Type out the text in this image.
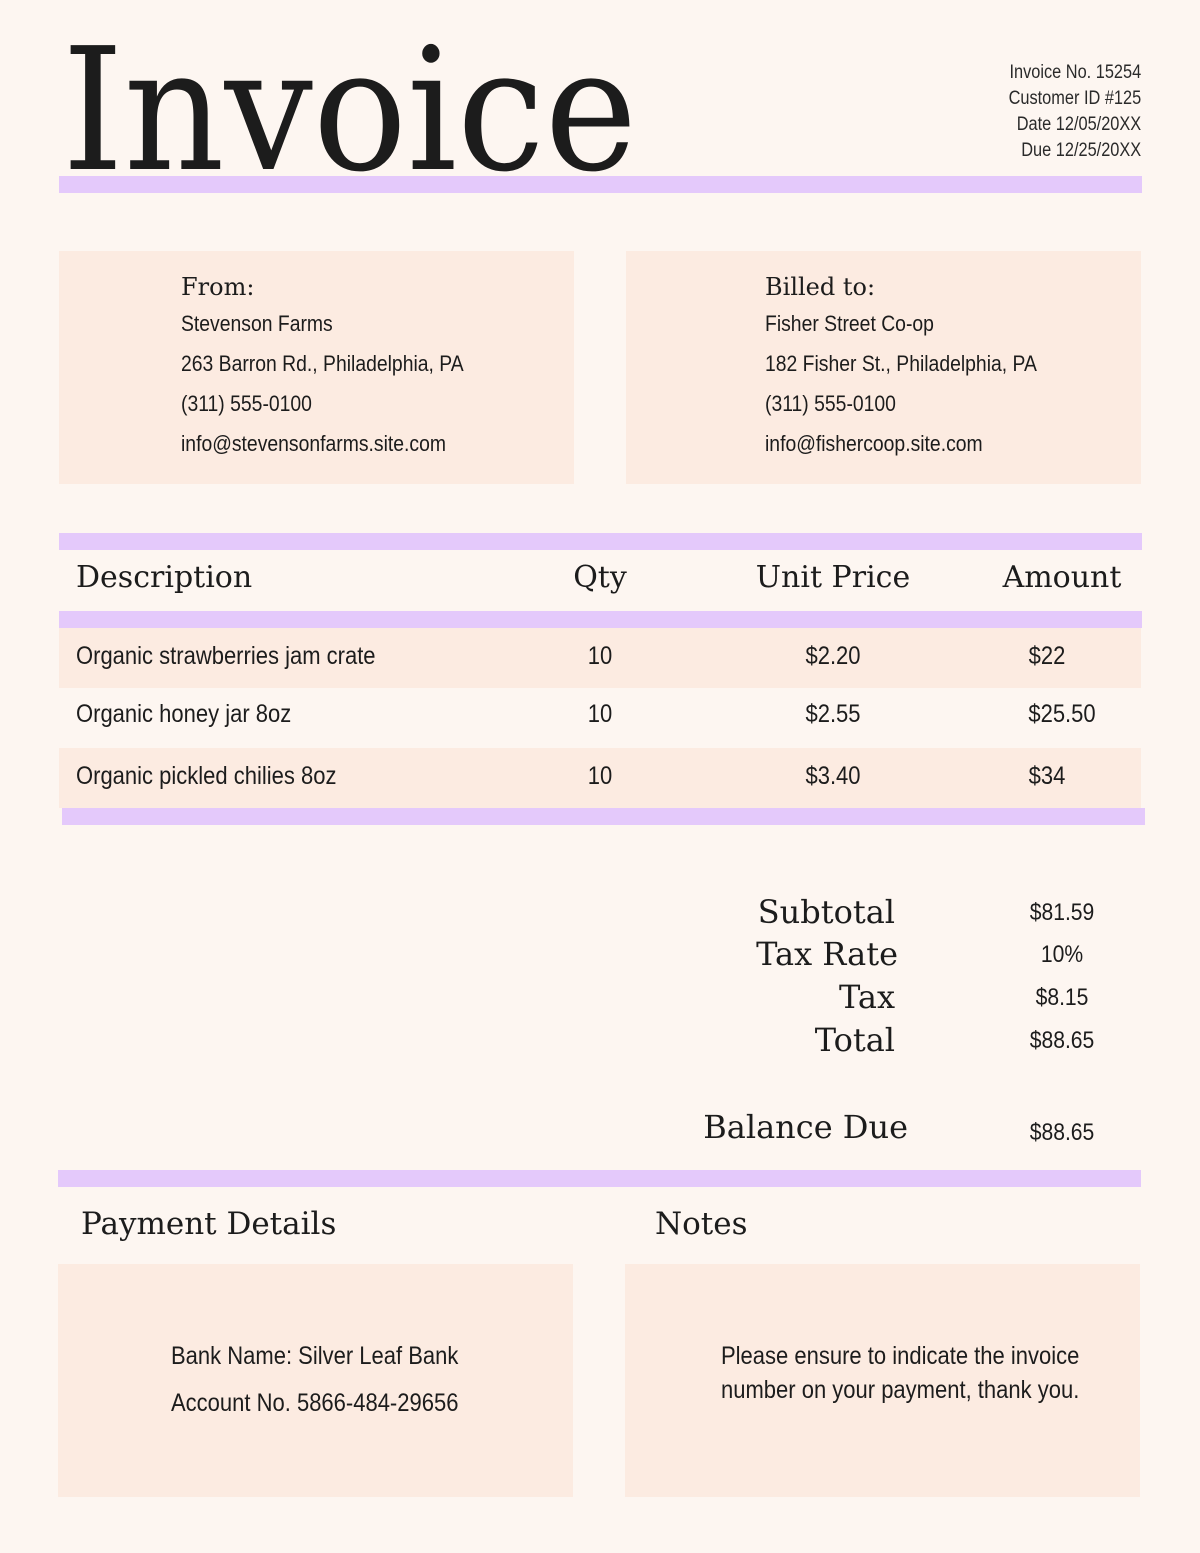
Invoice	Invoice No. 15254
Customer ID #125
Date 12/05/20XX
Due 12/25/20XX
From:
Stevenson Farms
263 Barron Rd., Philadelphia, PA
(311) 555-0100
info@stevensonfarms.site.com
Billed to:
Fisher Street Co-op
182 Fisher St., Philadelphia, PA
(311) 555-0100
info@fishercoop.site.com
Description	Qty	Unit Price	Amount
Organic strawberries jam crate	10	$2.20	$22
Organic honey jar 8oz	10	$2.55	$25.50
Organic pickled chilies 8oz	10	$3.40	$34
Subtotal	$81.59
Tax Rate	10%
Tax	$8.15
Total	$88.65
Balance Due	$88.65
Payment Details	Notes
Bank Name: Silver Leaf Bank
Account No. 5866-484-29656
Please ensure to indicate the invoice
number on your payment, thank you.
